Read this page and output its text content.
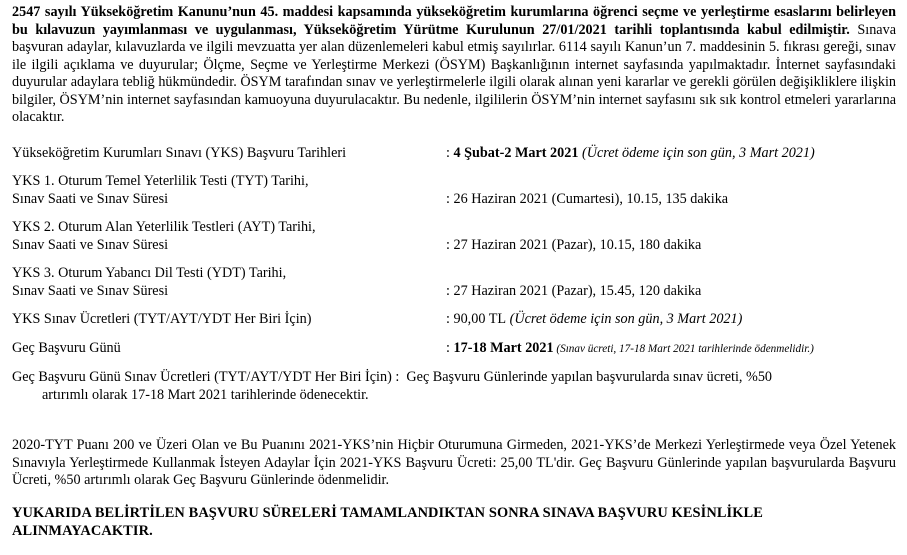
2547 sayılı Yükseköğretim Kanunu’nun 45. maddesi kapsamında yükseköğretim kurumlarına öğrenci seçme ve yerleştirme esaslarını belirleyen bu kılavuzun yayımlanması ve uygulanması, Yükseköğretim Yürütme Kurulunun 27/01/2021 tarihli toplantısında kabul edilmiştir. Sınava başvuran adaylar, kılavuzlarda ve ilgili mevzuatta yer alan düzenlemeleri kabul etmiş sayılırlar. 6114 sayılı Kanun’un 7. maddesinin 5. fıkrası gereği, sınav ile ilgili açıklama ve duyurular; Ölçme, Seçme ve Yerleştirme Merkezi (ÖSYM) Başkanlığının internet sayfasında yapılmaktadır. İnternet sayfasındaki duyurular adaylara tebliğ hükmündedir. ÖSYM tarafından sınav ve yerleştirmelerle ilgili olarak alınan yeni kararlar ve gerekli görülen değişikliklere ilişkin bilgiler, ÖSYM’nin internet sayfasından kamuoyuna duyurulacaktır. Bu nedenle, ilgililerin ÖSYM’nin internet sayfasını sık sık kontrol etmeleri yararlarına olacaktır.

Yükseköğretim Kurumları Sınavı (YKS) Başvuru Tarihleri	: 4 Şubat-2 Mart 2021 (Ücret ödeme için son gün, 3 Mart 2021)
YKS 1. Oturum Temel Yeterlilik Testi (TYT) Tarihi,
Sınav Saati ve Sınav Süresi	: 26 Haziran 2021 (Cumartesi), 10.15, 135 dakika
YKS 2. Oturum Alan Yeterlilik Testleri (AYT) Tarihi,
Sınav Saati ve Sınav Süresi	: 27 Haziran 2021 (Pazar), 10.15, 180 dakika
YKS 3. Oturum Yabancı Dil Testi (YDT) Tarihi,
Sınav Saati ve Sınav Süresi	: 27 Haziran 2021 (Pazar), 15.45, 120 dakika
YKS Sınav Ücretleri (TYT/AYT/YDT Her Biri İçin)	: 90,00 TL (Ücret ödeme için son gün, 3 Mart 2021)
Geç Başvuru Günü	: 17-18 Mart 2021 (Sınav ücreti, 17-18 Mart 2021 tarihlerinde ödenmelidir.)
Geç Başvuru Günü Sınav Ücretleri (TYT/AYT/YDT Her Biri İçin) :  Geç Başvuru Günlerinde yapılan başvurularda sınav ücreti, %50
artırımlı olarak 17-18 Mart 2021 tarihlerinde ödenecektir.

2020-TYT Puanı 200 ve Üzeri Olan ve Bu Puanını 2021-YKS’nin Hiçbir Oturumuna Girmeden, 2021-YKS’de Merkezi Yerleştirmede veya Özel Yetenek Sınavıyla Yerleştirmede Kullanmak İsteyen Adaylar İçin 2021-YKS Başvuru Ücreti: 25,00 TL'dir. Geç Başvuru Günlerinde yapılan başvurularda Başvuru Ücreti, %50 artırımlı olarak Geç Başvuru Günlerinde ödenmelidir.

YUKARIDA BELİRTİLEN BAŞVURU SÜRELERİ TAMAMLANDIKTAN SONRA SINAVA BAŞVURU KESİNLİKLE
ALINMAYACAKTIR.
